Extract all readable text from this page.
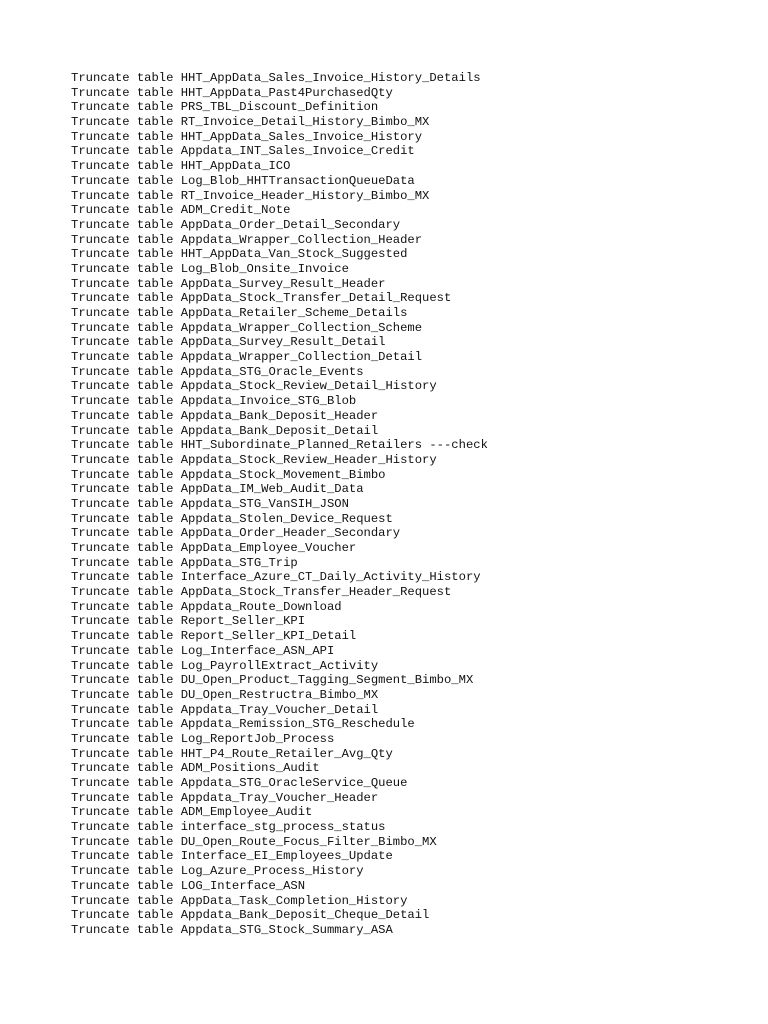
Truncate table HHT_AppData_Sales_Invoice_History_Details
Truncate table HHT_AppData_Past4PurchasedQty
Truncate table PRS_TBL_Discount_Definition
Truncate table RT_Invoice_Detail_History_Bimbo_MX
Truncate table HHT_AppData_Sales_Invoice_History
Truncate table Appdata_INT_Sales_Invoice_Credit
Truncate table HHT_AppData_ICO
Truncate table Log_Blob_HHTTransactionQueueData
Truncate table RT_Invoice_Header_History_Bimbo_MX
Truncate table ADM_Credit_Note
Truncate table AppData_Order_Detail_Secondary
Truncate table Appdata_Wrapper_Collection_Header
Truncate table HHT_AppData_Van_Stock_Suggested
Truncate table Log_Blob_Onsite_Invoice
Truncate table AppData_Survey_Result_Header
Truncate table AppData_Stock_Transfer_Detail_Request
Truncate table AppData_Retailer_Scheme_Details
Truncate table Appdata_Wrapper_Collection_Scheme
Truncate table AppData_Survey_Result_Detail
Truncate table Appdata_Wrapper_Collection_Detail
Truncate table Appdata_STG_Oracle_Events
Truncate table Appdata_Stock_Review_Detail_History
Truncate table Appdata_Invoice_STG_Blob
Truncate table Appdata_Bank_Deposit_Header
Truncate table Appdata_Bank_Deposit_Detail
Truncate table HHT_Subordinate_Planned_Retailers ---check
Truncate table Appdata_Stock_Review_Header_History
Truncate table Appdata_Stock_Movement_Bimbo
Truncate table AppData_IM_Web_Audit_Data
Truncate table Appdata_STG_VanSIH_JSON
Truncate table Appdata_Stolen_Device_Request
Truncate table AppData_Order_Header_Secondary
Truncate table AppData_Employee_Voucher
Truncate table AppData_STG_Trip
Truncate table Interface_Azure_CT_Daily_Activity_History
Truncate table AppData_Stock_Transfer_Header_Request
Truncate table Appdata_Route_Download
Truncate table Report_Seller_KPI
Truncate table Report_Seller_KPI_Detail
Truncate table Log_Interface_ASN_API
Truncate table Log_PayrollExtract_Activity
Truncate table DU_Open_Product_Tagging_Segment_Bimbo_MX
Truncate table DU_Open_Restructra_Bimbo_MX
Truncate table Appdata_Tray_Voucher_Detail
Truncate table Appdata_Remission_STG_Reschedule
Truncate table Log_ReportJob_Process
Truncate table HHT_P4_Route_Retailer_Avg_Qty
Truncate table ADM_Positions_Audit
Truncate table Appdata_STG_OracleService_Queue
Truncate table Appdata_Tray_Voucher_Header
Truncate table ADM_Employee_Audit
Truncate table interface_stg_process_status
Truncate table DU_Open_Route_Focus_Filter_Bimbo_MX
Truncate table Interface_EI_Employees_Update
Truncate table Log_Azure_Process_History
Truncate table LOG_Interface_ASN
Truncate table AppData_Task_Completion_History
Truncate table Appdata_Bank_Deposit_Cheque_Detail
Truncate table Appdata_STG_Stock_Summary_ASA
